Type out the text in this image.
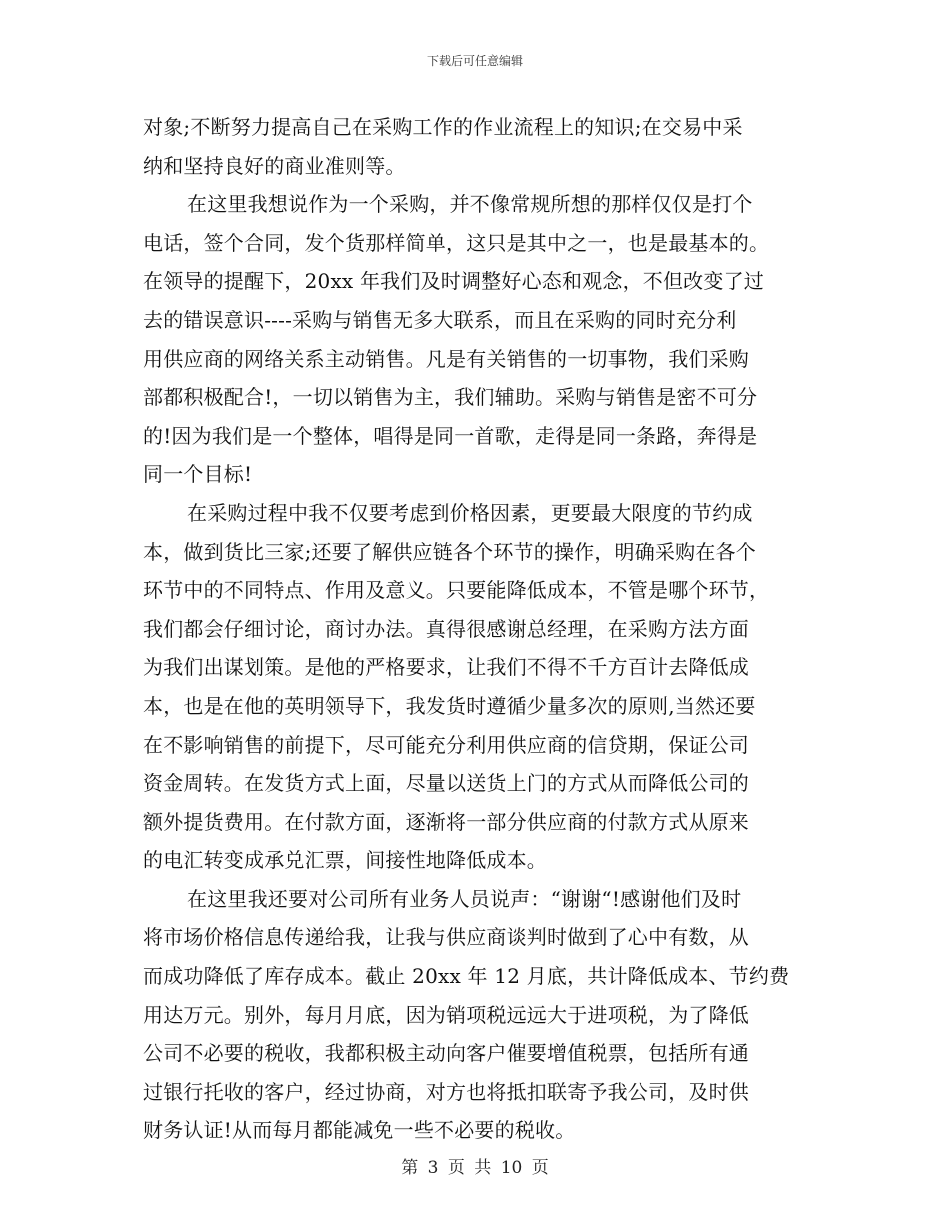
下载后可任意编辑
对象;不断努力提高自己在采购工作的作业流程上的知识;在交易中采
纳和坚持良好的商业准则等。
在这里我想说作为一个采购，并不像常规所想的那样仅仅是打个
电话，签个合同，发个货那样简单，这只是其中之一，也是最基本的。
在领导的提醒下，20xx 年我们及时调整好心态和观念，不但改变了过
去的错误意识----采购与销售无多大联系，而且在采购的同时充分利
用供应商的网络关系主动销售。凡是有关销售的一切事物，我们采购
部都积极配合!，一切以销售为主，我们辅助。采购与销售是密不可分
的!因为我们是一个整体，唱得是同一首歌，走得是同一条路，奔得是
同一个目标!
在采购过程中我不仅要考虑到价格因素，更要最大限度的节约成
本，做到货比三家;还要了解供应链各个环节的操作，明确采购在各个
环节中的不同特点、作用及意义。只要能降低成本，不管是哪个环节，
我们都会仔细讨论，商讨办法。真得很感谢总经理，在采购方法方面
为我们出谋划策。是他的严格要求，让我们不得不千方百计去降低成
本，也是在他的英明领导下，我发货时遵循少量多次的原则,当然还要
在不影响销售的前提下，尽可能充分利用供应商的信贷期，保证公司
资金周转。在发货方式上面，尽量以送货上门的方式从而降低公司的
额外提货费用。在付款方面，逐渐将一部分供应商的付款方式从原来
的电汇转变成承兑汇票，间接性地降低成本。
在这里我还要对公司所有业务人员说声：“谢谢“!感谢他们及时
将市场价格信息传递给我，让我与供应商谈判时做到了心中有数，从
而成功降低了库存成本。截止 20xx 年 12 月底，共计降低成本、节约费
用达万元。别外，每月月底，因为销项税远远大于进项税，为了降低
公司不必要的税收，我都积极主动向客户催要增值税票，包括所有通
过银行托收的客户，经过协商，对方也将抵扣联寄予我公司，及时供
财务认证!从而每月都能减免一些不必要的税收。
第 3 页 共 10 页
